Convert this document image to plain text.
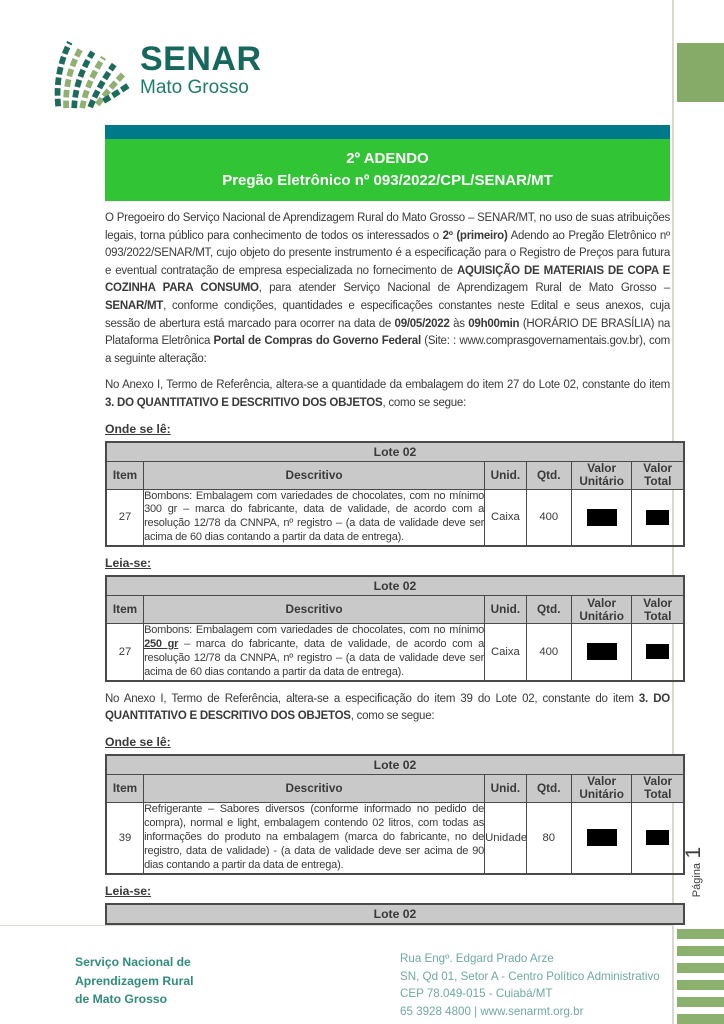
SENAR
Mato Grosso
2º ADENDO
Pregão Eletrônico nº 093/2022/CPL/SENAR/MT

O Pregoeiro do Serviço Nacional de Aprendizagem Rural do Mato Grosso – SENAR/MT, no uso de suas atribuições legais, torna público para conhecimento de todos os interessados o 2º (primeiro) Adendo ao Pregão Eletrônico nº 093/2022/SENAR/MT, cujo objeto do presente instrumento é a especificação para o Registro de Preços para futura e eventual contratação de empresa especializada no fornecimento de AQUISIÇÃO DE MATERIAIS DE COPA E COZINHA PARA CONSUMO, para atender Serviço Nacional de Aprendizagem Rural de Mato Grosso – SENAR/MT, conforme condições, quantidades e especificações constantes neste Edital e seus anexos, cuja sessão de abertura está marcado para ocorrer na data de 09/05/2022 às 09h00min (HORÁRIO DE BRASÍLIA) na Plataforma Eletrônica Portal de Compras do Governo Federal (Site: : www.comprasgovernamentais.gov.br), com a seguinte alteração:

No Anexo I, Termo de Referência, altera-se a quantidade da embalagem do item 27 do Lote 02, constante do item 3. DO QUANTITATIVO E DESCRITIVO DOS OBJETOS, como se segue:

Onde se lê:
Lote 02					
Item	Descritivo	Unid.	Qtd.	Valor Unitário	Valor Total
27	Bombons: Embalagem com variedades de chocolates, com no mínimo 300 gr – marca do fabricante, data de validade, de acordo com a resolução 12/78 da CNNPA, nº registro – (a data de validade deve ser acima de 60 dias contando a partir da data de entrega).	Caixa	400	

Leia-se:
Lote 02					
Item	Descritivo	Unid.	Qtd.	Valor Unitário	Valor Total
27	Bombons: Embalagem com variedades de chocolates, com no mínimo 250 gr – marca do fabricante, data de validade, de acordo com a resolução 12/78 da CNNPA, nº registro – (a data de validade deve ser acima de 60 dias contando a partir da data de entrega).	Caixa	400	

No Anexo I, Termo de Referência, altera-se a especificação do item 39 do Lote 02, constante do item 3. DO QUANTITATIVO E DESCRITIVO DOS OBJETOS, como se segue:

Onde se lê:
Lote 02					
Item	Descritivo	Unid.	Qtd.	Valor Unitário	Valor Total
39	Refrigerante – Sabores diversos (conforme informado no pedido de compra), normal e light, embalagem contendo 02 litros, com todas as informações do produto na embalagem (marca do fabricante, no de registro, data de validade) - (a data de validade deve ser acima de 90 dias contando a partir da data de entrega).	Unidade	80	

Leia-se:
Lote 02
Página 1
Serviço Nacional de
Aprendizagem Rural
de Mato Grosso
Rua Engº. Edgard Prado Arze
SN, Qd 01, Setor A - Centro Político Administrativo
CEP 78.049-015 - Cuiabá/MT
65 3928 4800 | www.senarmt.org.br
